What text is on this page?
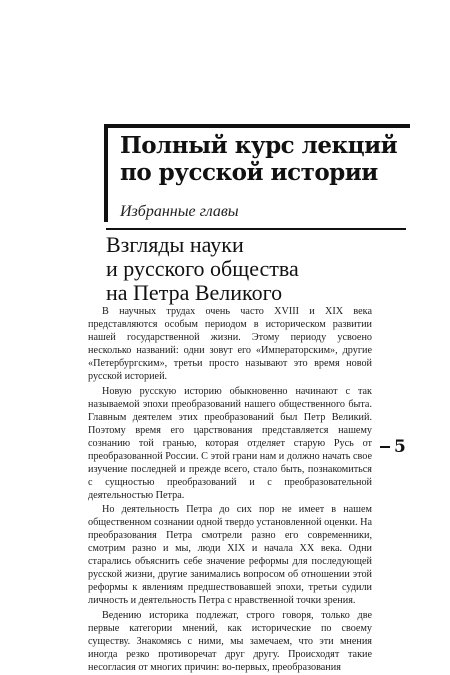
Полный курс лекций
по русской истории
Избранные главы
Взгляды науки
и русского общества
на Петра Великого

В научных трудах очень часто XVIII и XIX века представляются особым периодом в историческом развитии нашей государственной жизни. Этому периоду усвоено несколько названий: одни зовут его «Императорским», другие «Петербургским», третьи просто называют это время новой русской историей.

Новую русскую историю обыкновенно начинают с так называемой эпохи преобразований нашего общественного быта. Главным деятелем этих преобразований был Петр Великий. Поэтому время его царствования представляется нашему сознанию той гранью, которая отделяет старую Русь от преобразованной России. С этой грани нам и должно начать свое изучение последней и прежде всего, стало быть, познакомиться с сущностью преобразований и с преобразовательной деятельностью Петра.

Но деятельность Петра до сих пор не имеет в нашем общественном сознании одной твердо установленной оценки. На преобразования Петра смотрели разно его современники, смотрим разно и мы, люди XIX и начала XX века. Одни старались объяснить себе значение реформы для последующей русской жизни, другие занимались вопросом об отношении этой реформы к явлениям предшествовавшей эпохи, третьи судили личность и деятельность Петра с нравственной точки зрения.

Ведению историка подлежат, строго говоря, только две первые категории мнений, как исторические по своему существу. Знакомясь с ними, мы замечаем, что эти мнения иногда резко противоречат друг другу. Происходят такие несогласия от многих причин: во-первых, преобразования

5
